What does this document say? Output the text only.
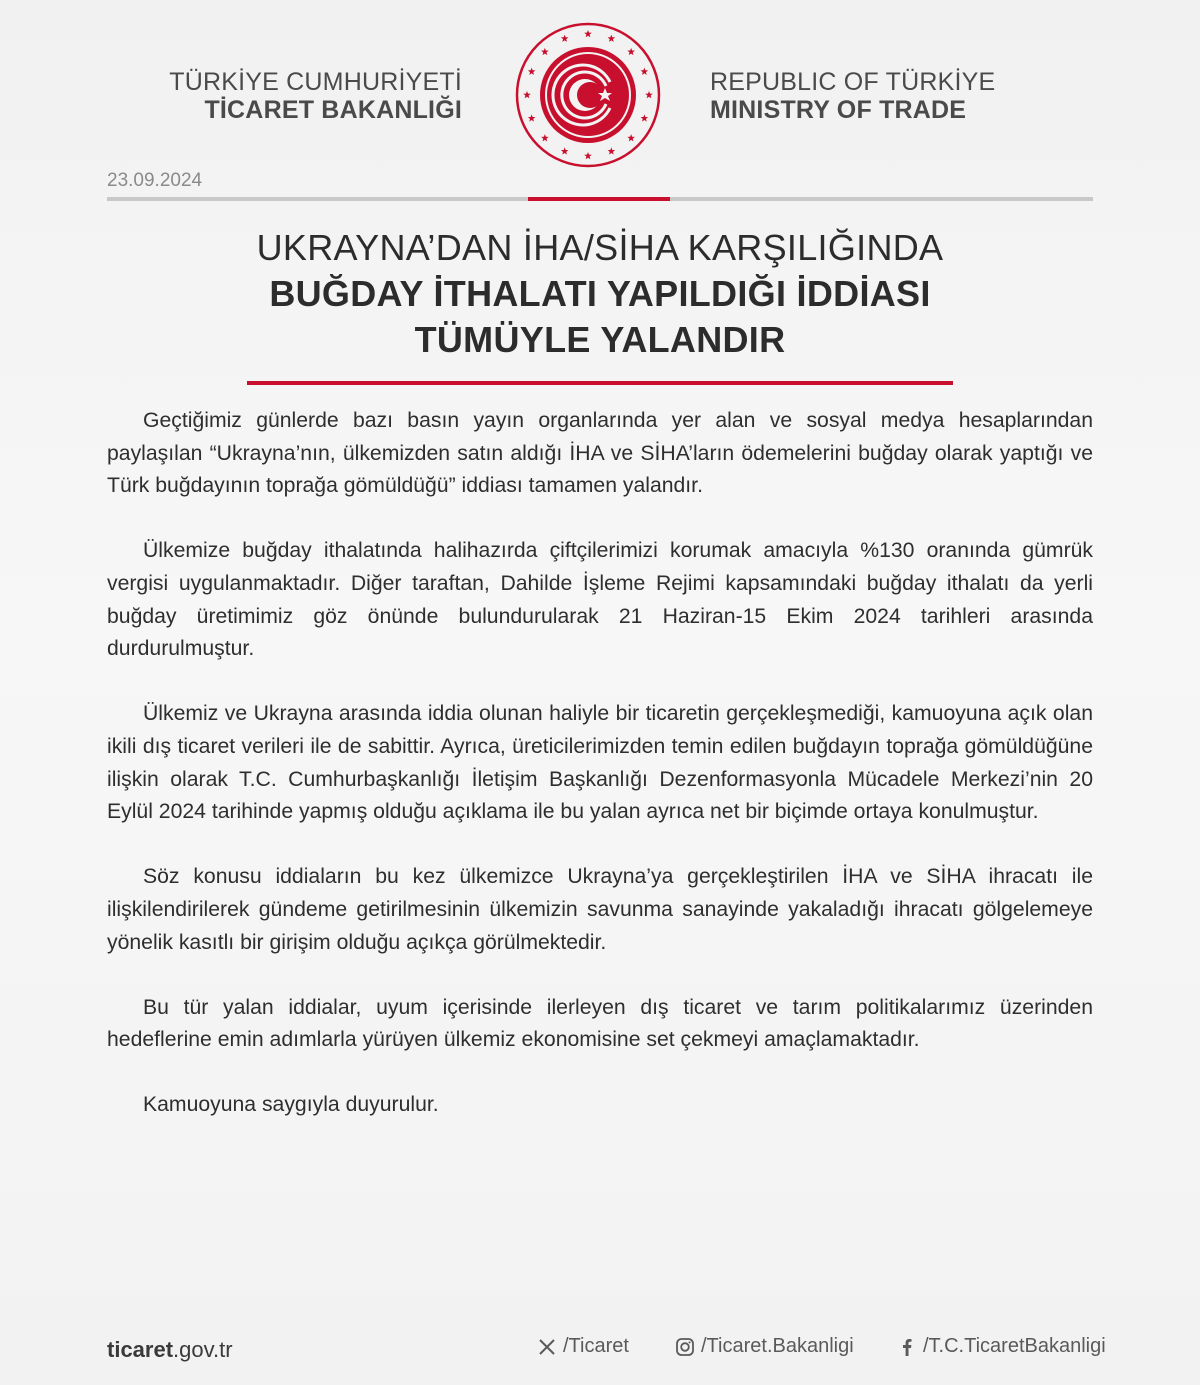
TÜRKİYE CUMHURİYETİ
TİCARET BAKANLIĞI
REPUBLIC OF TÜRKİYE
MINISTRY OF TRADE
23.09.2024
UKRAYNA’DAN İHA/SİHA KARŞILIĞINDA
BUĞDAY İTHALATI YAPILDIĞI İDDİASI
TÜMÜYLE YALANDIR

Geçtiğimiz günlerde bazı basın yayın organlarında yer alan ve sosyal medya hesaplarından paylaşılan “Ukrayna’nın, ülkemizden satın aldığı İHA ve SİHA’ların ödemelerini buğday olarak yaptığı ve Türk buğdayının toprağa gömüldüğü” iddiası tamamen yalandır.

Ülkemize buğday ithalatında halihazırda çiftçilerimizi korumak amacıyla %130 oranında gümrük vergisi uygulanmaktadır. Diğer taraftan, Dahilde İşleme Rejimi kapsamındaki buğday ithalatı da yerli buğday üretimimiz göz önünde bulundurularak 21 Haziran-15 Ekim 2024 tarihleri arasında durdurulmuştur.

Ülkemiz ve Ukrayna arasında iddia olunan haliyle bir ticaretin gerçekleşmediği, kamuoyuna açık olan ikili dış ticaret verileri ile de sabittir. Ayrıca, üreticilerimizden temin edilen buğdayın toprağa gömüldüğüne ilişkin olarak T.C. Cumhurbaşkanlığı İletişim Başkanlığı Dezenformasyonla Mücadele Merkezi’nin 20 Eylül 2024 tarihinde yapmış olduğu açıklama ile bu yalan ayrıca net bir biçimde ortaya konulmuştur.

Söz konusu iddiaların bu kez ülkemizce Ukrayna’ya gerçekleştirilen İHA ve SİHA ihracatı ile ilişkilendirilerek gündeme getirilmesinin ülkemizin savunma sanayinde yakaladığı ihracatı gölgelemeye yönelik kasıtlı bir girişim olduğu açıkça görülmektedir.

Bu tür yalan iddialar, uyum içerisinde ilerleyen dış ticaret ve tarım politikalarımız üzerinden hedeflerine emin adımlarla yürüyen ülkemiz ekonomisine set çekmeyi amaçlamaktadır.

Kamuoyuna saygıyla duyurulur.

ticaret.gov.tr	/Ticaret	/Ticaret.Bakanligi	/T.C.TicaretBakanligi
